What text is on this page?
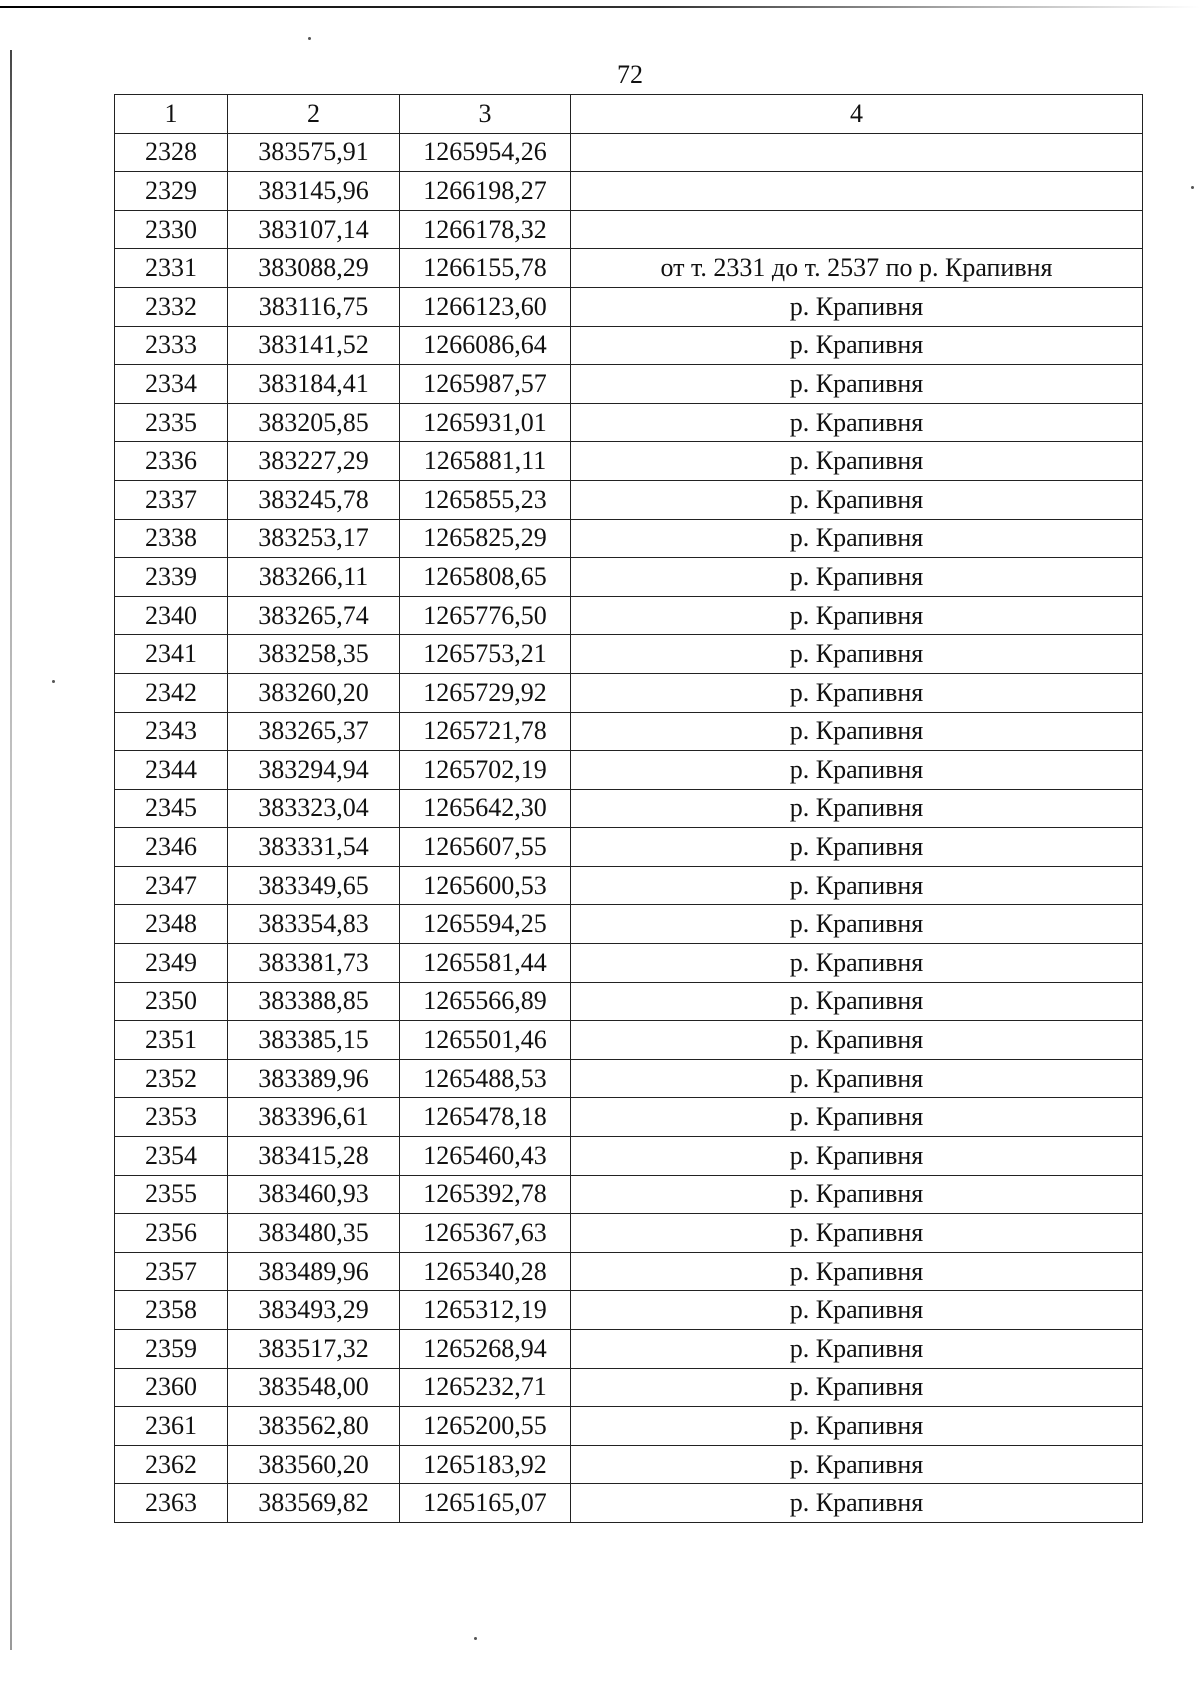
72
1	2	3	4
2328	383575,91	1265954,26	
2329	383145,96	1266198,27	
2330	383107,14	1266178,32	
2331	383088,29	1266155,78	от т. 2331 до т. 2537 по р. Крапивня
2332	383116,75	1266123,60	р. Крапивня
2333	383141,52	1266086,64	р. Крапивня
2334	383184,41	1265987,57	р. Крапивня
2335	383205,85	1265931,01	р. Крапивня
2336	383227,29	1265881,11	р. Крапивня
2337	383245,78	1265855,23	р. Крапивня
2338	383253,17	1265825,29	р. Крапивня
2339	383266,11	1265808,65	р. Крапивня
2340	383265,74	1265776,50	р. Крапивня
2341	383258,35	1265753,21	р. Крапивня
2342	383260,20	1265729,92	р. Крапивня
2343	383265,37	1265721,78	р. Крапивня
2344	383294,94	1265702,19	р. Крапивня
2345	383323,04	1265642,30	р. Крапивня
2346	383331,54	1265607,55	р. Крапивня
2347	383349,65	1265600,53	р. Крапивня
2348	383354,83	1265594,25	р. Крапивня
2349	383381,73	1265581,44	р. Крапивня
2350	383388,85	1265566,89	р. Крапивня
2351	383385,15	1265501,46	р. Крапивня
2352	383389,96	1265488,53	р. Крапивня
2353	383396,61	1265478,18	р. Крапивня
2354	383415,28	1265460,43	р. Крапивня
2355	383460,93	1265392,78	р. Крапивня
2356	383480,35	1265367,63	р. Крапивня
2357	383489,96	1265340,28	р. Крапивня
2358	383493,29	1265312,19	р. Крапивня
2359	383517,32	1265268,94	р. Крапивня
2360	383548,00	1265232,71	р. Крапивня
2361	383562,80	1265200,55	р. Крапивня
2362	383560,20	1265183,92	р. Крапивня
2363	383569,82	1265165,07	р. Крапивня
